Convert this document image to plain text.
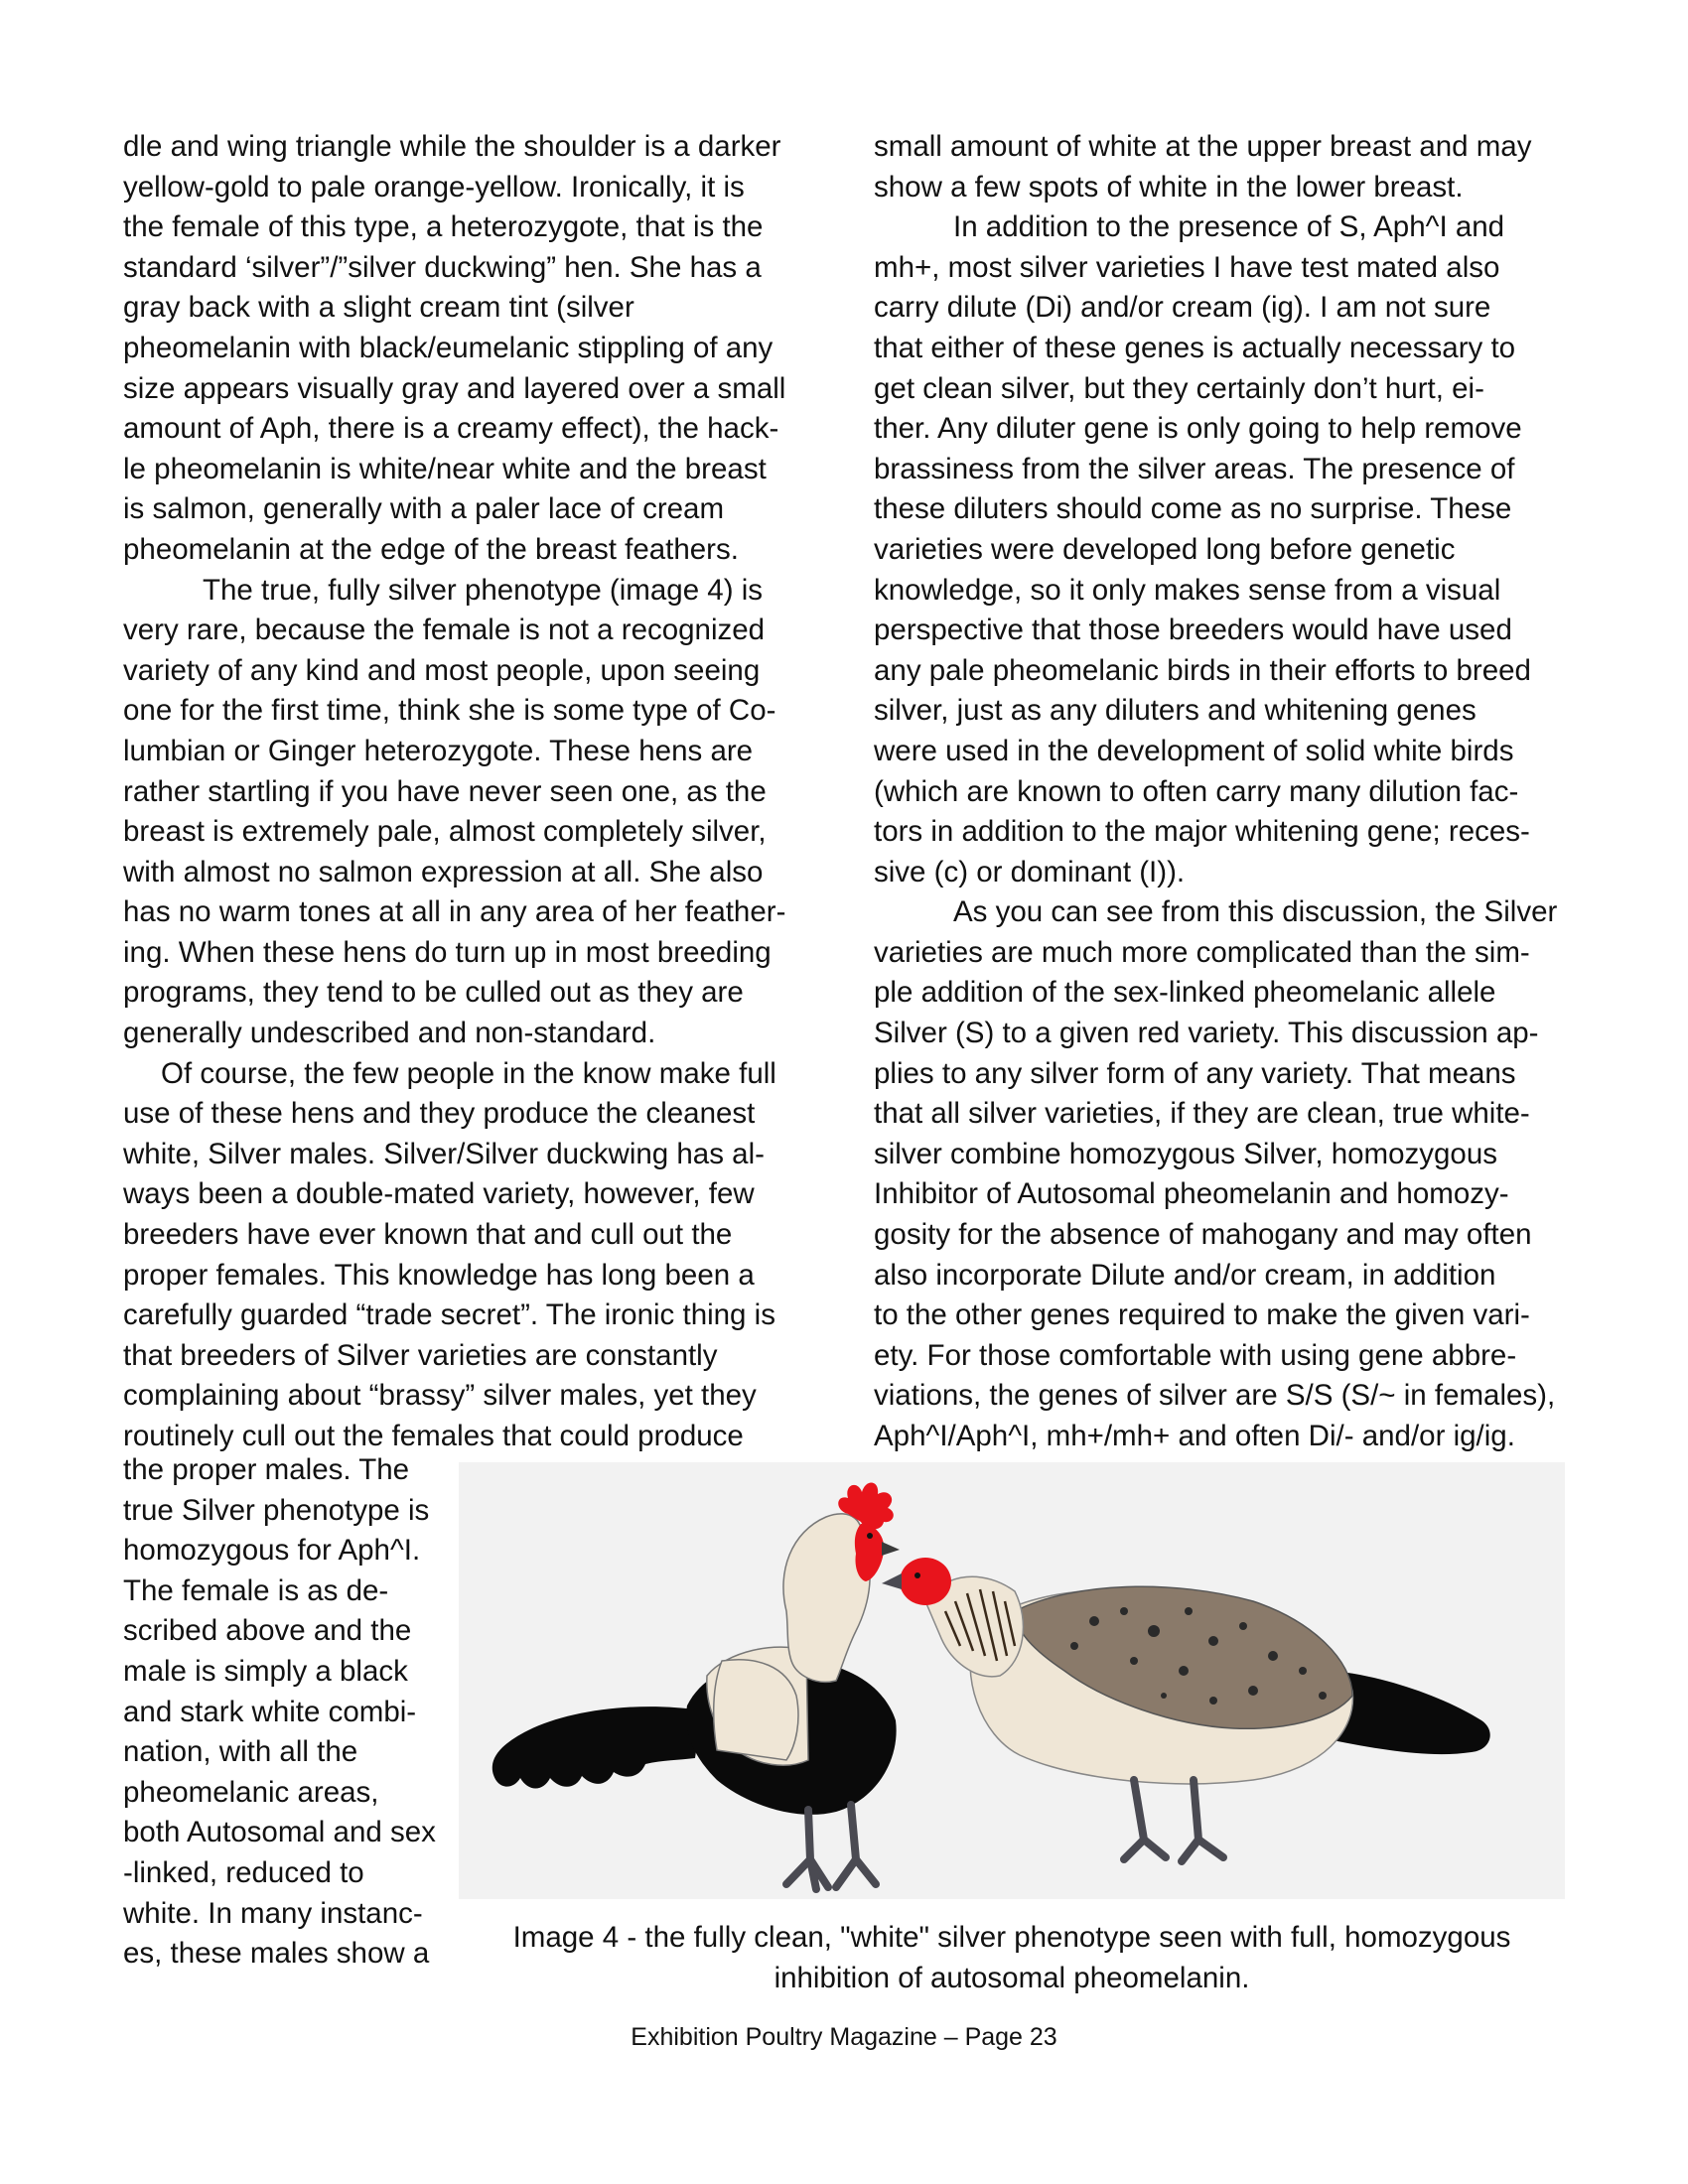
dle and wing triangle while the shoulder is a darker
yellow-gold to pale orange-yellow. Ironically, it is
the female of this type, a heterozygote, that is the
standard ‘silver”/”silver duckwing” hen. She has a
gray back with a slight cream tint (silver
pheomelanin with black/eumelanic stippling of any
size appears visually gray and layered over a small
amount of Aph, there is a creamy effect), the hack-
le pheomelanin is white/near white and the breast
is salmon, generally with a paler lace of cream
pheomelanin at the edge of the breast feathers.
The true, fully silver phenotype (image 4) is
very rare, because the female is not a recognized
variety of any kind and most people, upon seeing
one for the first time, think she is some type of Co-
lumbian or Ginger heterozygote. These hens are
rather startling if you have never seen one, as the
breast is extremely pale, almost completely silver,
with almost no salmon expression at all. She also
has no warm tones at all in any area of her feather-
ing. When these hens do turn up in most breeding
programs, they tend to be culled out as they are
generally undescribed and non-standard.
Of course, the few people in the know make full
use of these hens and they produce the cleanest
white, Silver males. Silver/Silver duckwing has al-
ways been a double-mated variety, however, few
breeders have ever known that and cull out the
proper females. This knowledge has long been a
carefully guarded “trade secret”. The ironic thing is
that breeders of Silver varieties are constantly
complaining about “brassy” silver males, yet they
routinely cull out the females that could produce
the proper males. The
true Silver phenotype is
homozygous for Aph^I.
The female is as de-
scribed above and the
male is simply a black
and stark white combi-
nation, with all the
pheomelanic areas,
both Autosomal and sex
-linked, reduced to
white. In many instanc-
es, these males show a
small amount of white at the upper breast and may
show a few spots of white in the lower breast.
In addition to the presence of S, Aph^I and
mh+, most silver varieties I have test mated also
carry dilute (Di) and/or cream (ig). I am not sure
that either of these genes is actually necessary to
get clean silver, but they certainly don’t hurt, ei-
ther. Any diluter gene is only going to help remove
brassiness from the silver areas. The presence of
these diluters should come as no surprise. These
varieties were developed long before genetic
knowledge, so it only makes sense from a visual
perspective that those breeders would have used
any pale pheomelanic birds in their efforts to breed
silver, just as any diluters and whitening genes
were used in the development of solid white birds
(which are known to often carry many dilution fac-
tors in addition to the major whitening gene; reces-
sive (c) or dominant (I)).
As you can see from this discussion, the Silver
varieties are much more complicated than the sim-
ple addition of the sex-linked pheomelanic allele
Silver (S) to a given red variety. This discussion ap-
plies to any silver form of any variety. That means
that all silver varieties, if they are clean, true white-
silver combine homozygous Silver, homozygous
Inhibitor of Autosomal pheomelanin and homozy-
gosity for the absence of mahogany and may often
also incorporate Dilute and/or cream, in addition
to the other genes required to make the given vari-
ety. For those comfortable with using gene abbre-
viations, the genes of silver are S/S (S/~ in females),
Aph^I/Aph^I, mh+/mh+ and often Di/- and/or ig/ig.
Image 4 - the fully clean, "white" silver phenotype seen with full, homozygous
inhibition of autosomal pheomelanin.
Exhibition Poultry Magazine – Page 23
